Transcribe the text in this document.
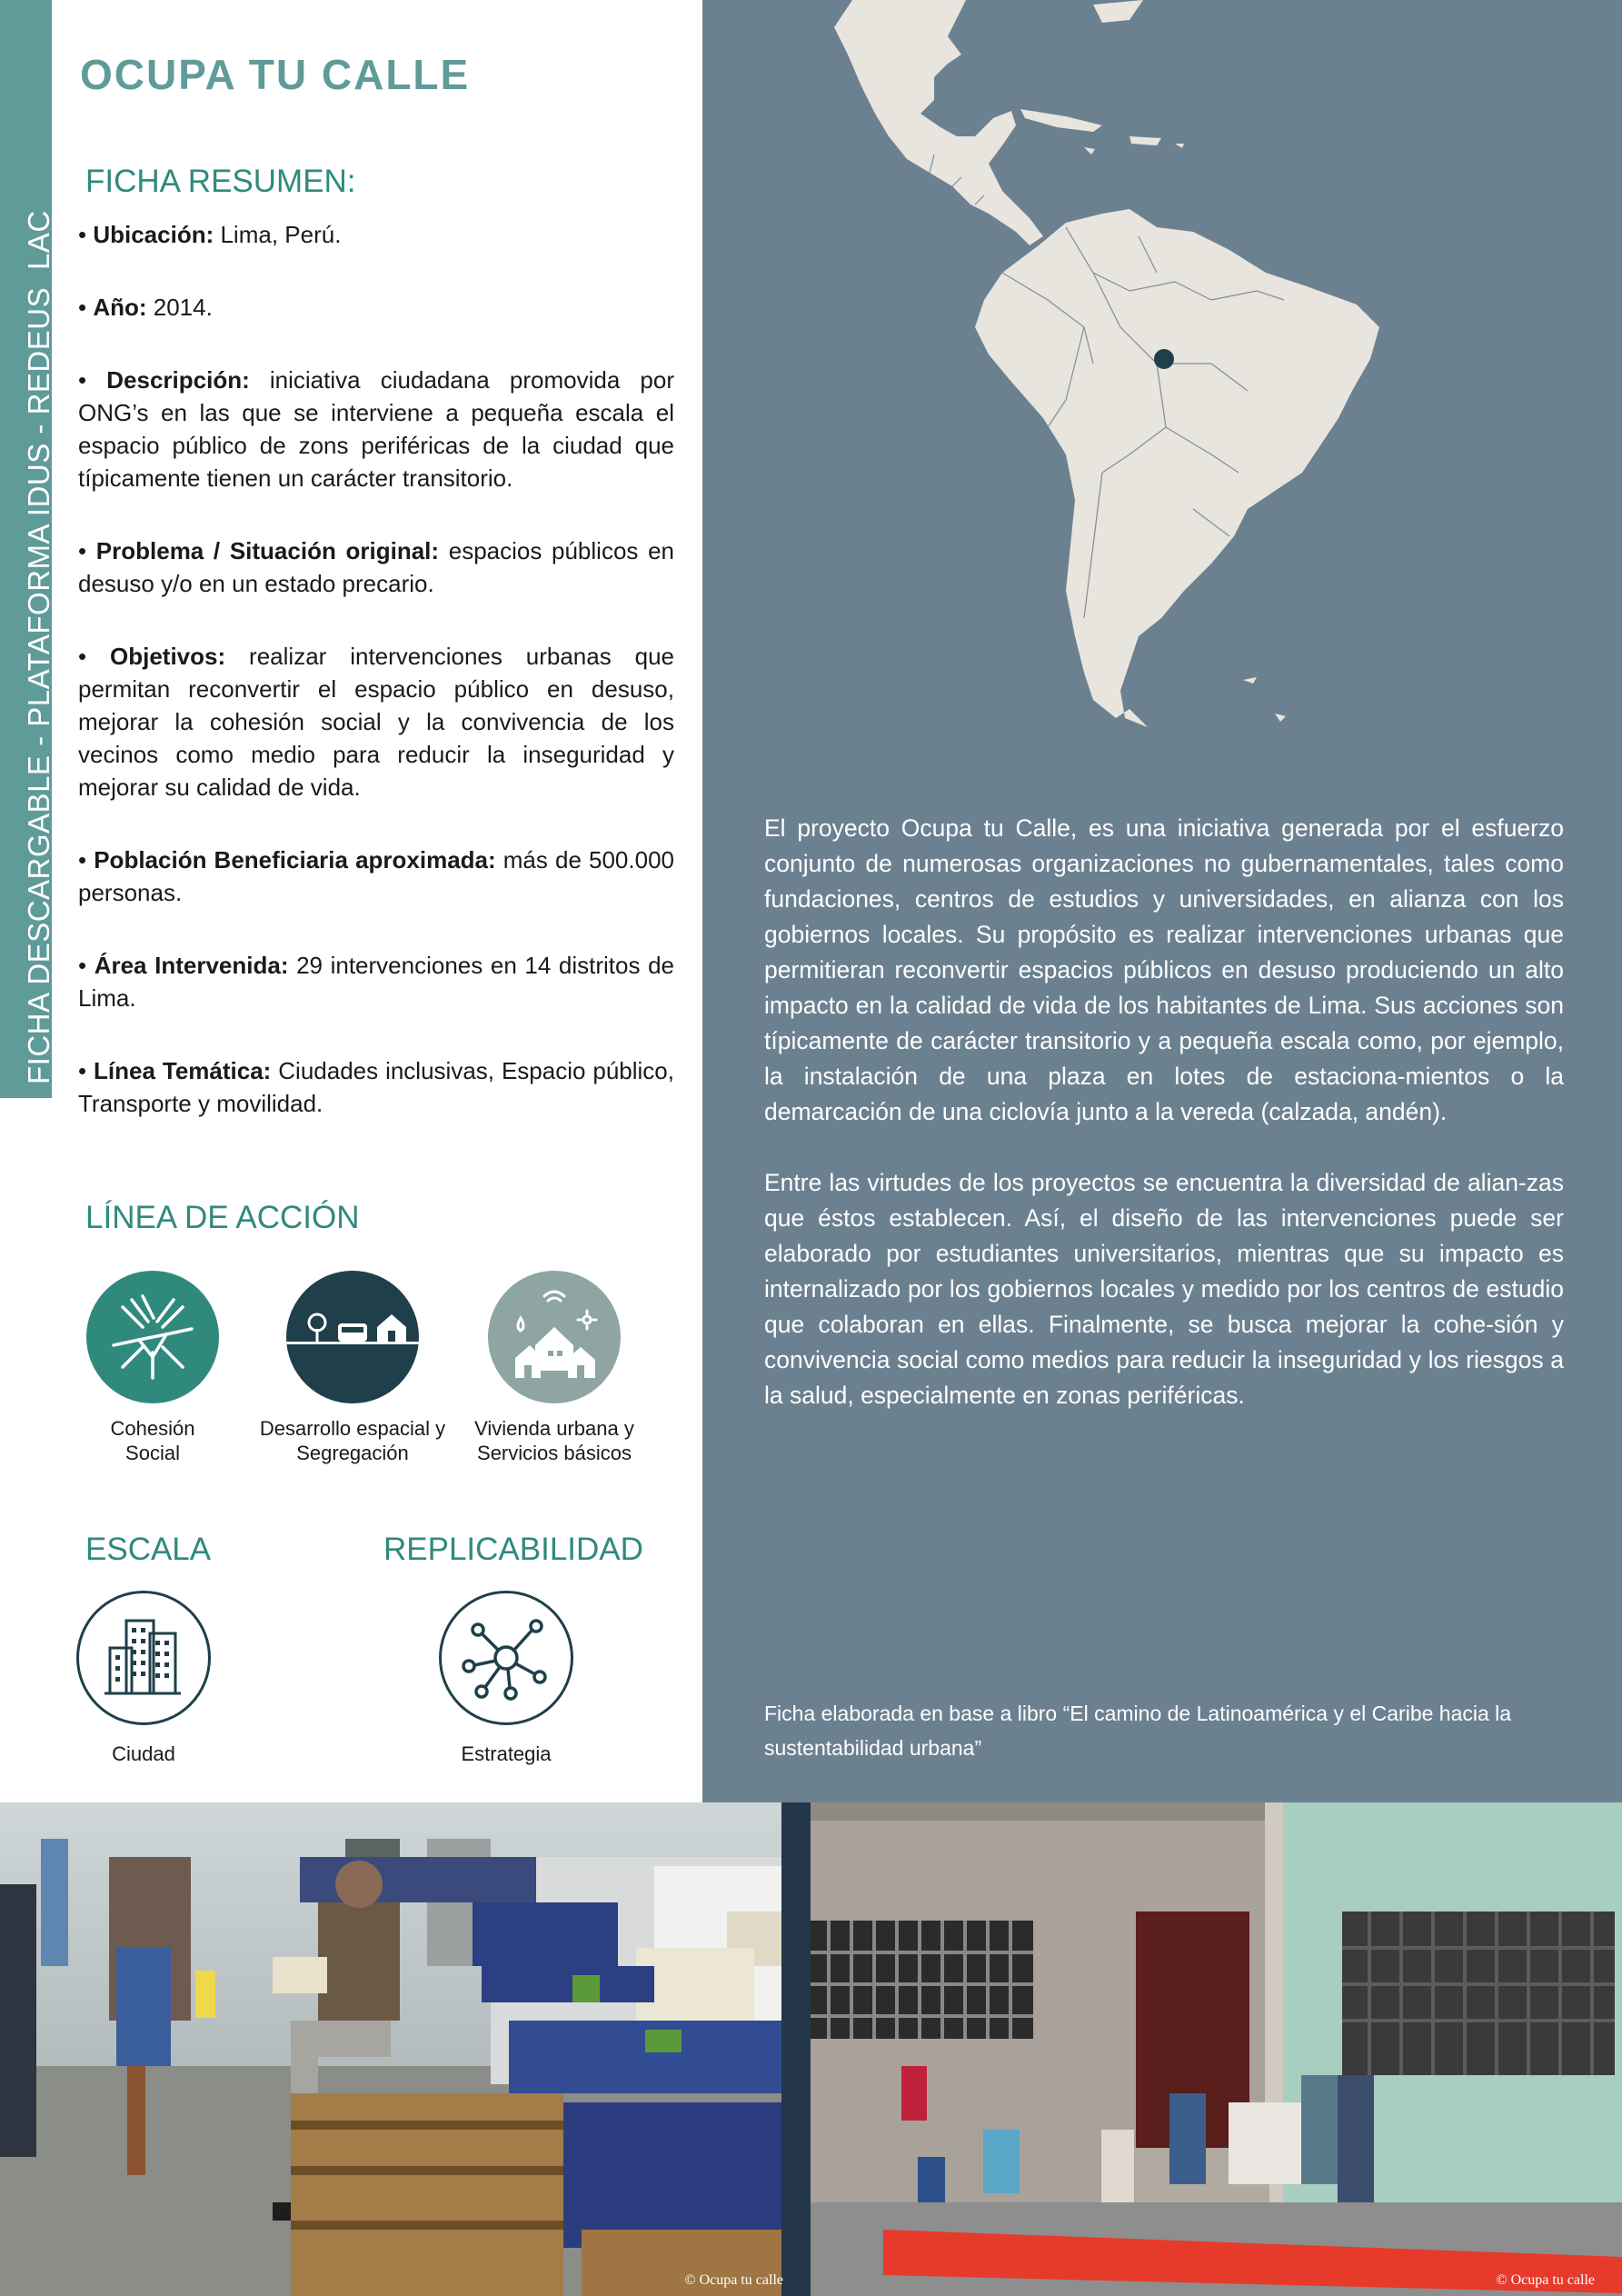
FICHA DESCARGABLE - PLATAFORMA IDUS - REDEUS_LAC
OCUPA TU CALLE
FICHA RESUMEN:

• Ubicación: Lima, Perú.

• Año: 2014.

• Descripción: iniciativa ciudadana promovida por ONG’s en las que se interviene a pequeña escala el espacio público de zons periféricas de la ciudad que típicamente tienen un carácter transitorio.

• Problema / Situación original: espacios públicos en desuso y/o en un estado precario.

• Objetivos: realizar intervenciones urbanas que permitan reconvertir el espacio público en desuso, mejorar la cohesión social y la convivencia de los vecinos como medio para reducir la inseguridad y mejorar su calidad de vida.

• Población Beneficiaria aproximada: más de 500.000 personas.

• Área Intervenida: 29 intervenciones en 14 distritos de Lima.

• Línea Temática: Ciudades inclusivas, Espacio público, Transporte y movilidad.

LÍNEA DE ACCIÓN
Cohesión
Social
Desarrollo espacial y
Segregación
Vivienda urbana y
Servicios básicos
ESCALA
Ciudad
REPLICABILIDAD
Estrategia

El proyecto Ocupa tu Calle, es una iniciativa generada por el esfuerzo conjunto de numerosas organizaciones no gubernamentales, tales como fundaciones, centros de estudios y universidades, en alianza con los gobiernos locales. Su propósito es realizar intervenciones urbanas que permitieran reconvertir espacios públicos en desuso produciendo un alto impacto en la calidad de vida de los habitantes de Lima. Sus acciones son típicamente de carácter transitorio y a pequeña escala como, por ejemplo, la instalación de una plaza en lotes de estaciona-mientos o la demarcación de una ciclovía junto a la vereda (calzada, andén).

Entre las virtudes de los proyectos se encuentra la diversidad de alian-zas que éstos establecen. Así, el diseño de las intervenciones puede ser elaborado por estudiantes universitarios, mientras que su impacto es internalizado por los gobiernos locales y medido por los centros de estudio que colaboran en ellas. Finalmente, se busca mejorar la cohe-sión y convivencia social como medios para reducir la inseguridad y los riesgos a la salud, especialmente en zonas periféricas.

Ficha elaborada en base a libro “El camino de Latinoamérica y el Caribe hacia la sustentabilidad urbana”
© Ocupa tu calle	© Ocupa tu calle
